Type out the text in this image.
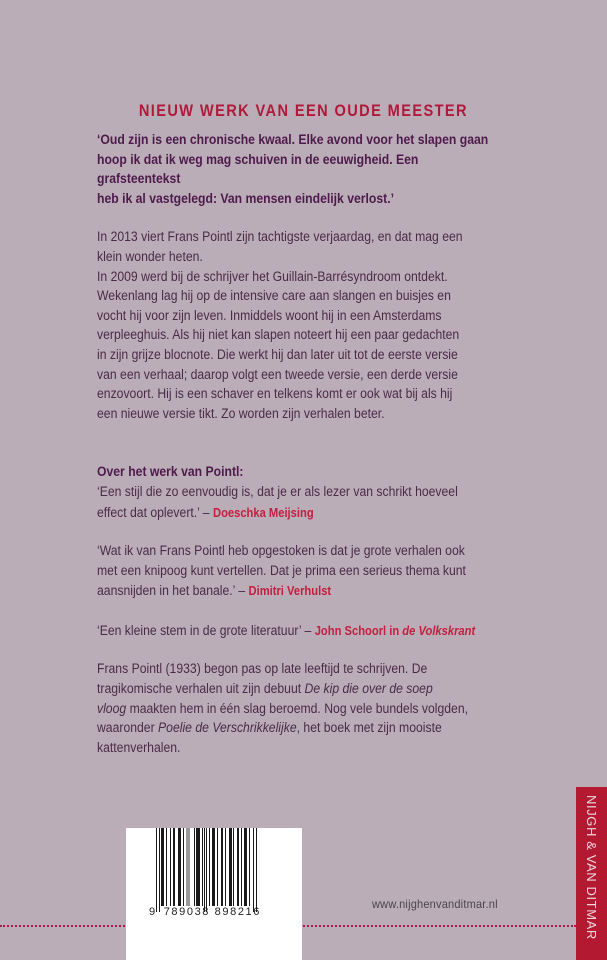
NIEUW WERK VAN EEN OUDE MEESTER

‘Oud zijn is een chronische kwaal. Elke avond voor het slapen gaan

hoop ik dat ik weg mag schuiven in de eeuwigheid. Een grafsteentekst

heb ik al vastgelegd: Van mensen eindelijk verlost.’

In 2013 viert Frans Pointl zijn tachtigste verjaardag, en dat mag een

klein wonder heten.

In 2009 werd bij de schrijver het Guillain-Barrésyndroom ontdekt.

Wekenlang lag hij op de intensive care aan slangen en buisjes en

vocht hij voor zijn leven. Inmiddels woont hij in een Amsterdams

verpleeghuis. Als hij niet kan slapen noteert hij een paar gedachten

in zijn grijze blocnote. Die werkt hij dan later uit tot de eerste versie

van een verhaal; daarop volgt een tweede versie, een derde versie

enzovoort. Hij is een schaver en telkens komt er ook wat bij als hij

een nieuwe versie tikt. Zo worden zijn verhalen beter.

Over het werk van Pointl:

‘Een stijl die zo eenvoudig is, dat je er als lezer van schrikt hoeveel

effect dat oplevert.’ – Doeschka Meijsing

‘Wat ik van Frans Pointl heb opgestoken is dat je grote verhalen ook

met een knipoog kunt vertellen. Dat je prima een serieus thema kunt

aansnijden in het banale.’ – Dimitri Verhulst

‘Een kleine stem in de grote literatuur’ – John Schoorl in de Volkskrant

Frans Pointl (1933) begon pas op late leeftijd te schrijven. De

tragikomische verhalen uit zijn debuut De kip die over de soep

vloog maakten hem in één slag beroemd. Nog vele bundels volgden,

waaronder Poelie de Verschrikkelijke, het boek met zijn mooiste

kattenverhalen.

9 789038 898216
www.nijghenvanditmar.nl	NIJGH & VAN DITMAR
